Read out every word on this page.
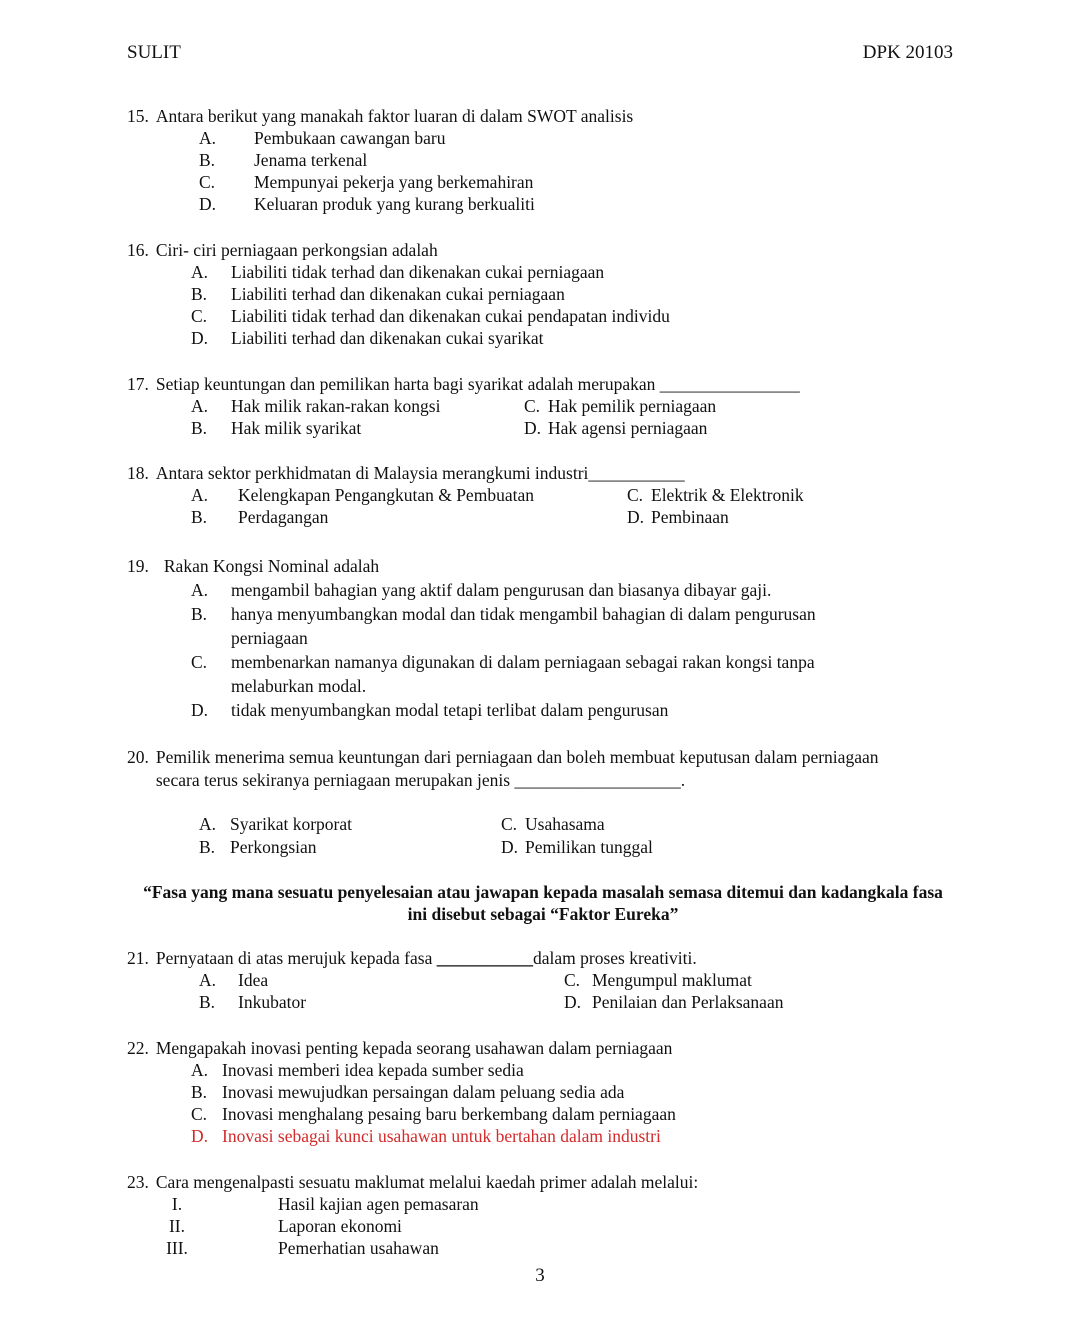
SULIT	DPK 20103
15. Antara berikut yang manakah faktor luaran di dalam SWOT analisis
A.	Pembukaan cawangan baru
B.	Jenama terkenal
C.	Mempunyai pekerja yang berkemahiran
D.	Keluaran produk yang kurang berkualiti
16. Ciri- ciri perniagaan perkongsian adalah
A.	Liabiliti tidak terhad dan dikenakan cukai perniagaan
B.	Liabiliti terhad dan dikenakan cukai perniagaan
C.	Liabiliti tidak terhad dan dikenakan cukai pendapatan individu
D.	Liabiliti terhad dan dikenakan cukai syarikat
17. Setiap keuntungan dan pemilikan harta bagi syarikat adalah merupakan ________________
A.	Hak milik rakan-rakan kongsi	C. Hak pemilik perniagaan
B.	Hak milik syarikat	D. Hak agensi perniagaan
18. Antara sektor perkhidmatan di Malaysia merangkumi industri___________
A.	Kelengkapan Pengangkutan & Pembuatan	C. Elektrik & Elektronik
B.	Perdagangan	D. Pembinaan
19. Rakan Kongsi Nominal adalah
A.	mengambil bahagian yang aktif dalam pengurusan dan biasanya dibayar gaji.
B.	hanya menyumbangkan modal dan tidak mengambil bahagian di dalam pengurusan perniagaan
C.	membenarkan namanya digunakan di dalam perniagaan sebagai rakan kongsi tanpa melaburkan modal.
D.	tidak menyumbangkan modal tetapi terlibat dalam pengurusan
20. Pemilik menerima semua keuntungan dari perniagaan dan boleh membuat keputusan dalam perniagaan secara terus sekiranya perniagaan merupakan jenis ___________________.
A. Syarikat korporat	C. Usahasama
B. Perkongsian	D. Pemilikan tunggal
“Fasa yang mana sesuatu penyelesaian atau jawapan kepada masalah semasa ditemui dan kadangkala fasa ini disebut sebagai “Faktor Eureka”
21. Pernyataan di atas merujuk kepada fasa ___________ dalam proses kreativiti.
A.	Idea	C. Mengumpul maklumat
B.	Inkubator	D. Penilaian dan Perlaksanaan
22. Mengapakah inovasi penting kepada seorang usahawan dalam perniagaan
A. Inovasi memberi idea kepada sumber sedia
B. Inovasi mewujudkan persaingan dalam peluang sedia ada
C. Inovasi menghalang pesaing baru berkembang dalam perniagaan
D. Inovasi sebagai kunci usahawan untuk bertahan dalam industri
23. Cara mengenalpasti sesuatu maklumat melalui kaedah primer adalah melalui:
I.	Hasil kajian agen pemasaran
II.	Laporan ekonomi
III.	Pemerhatian usahawan
3
